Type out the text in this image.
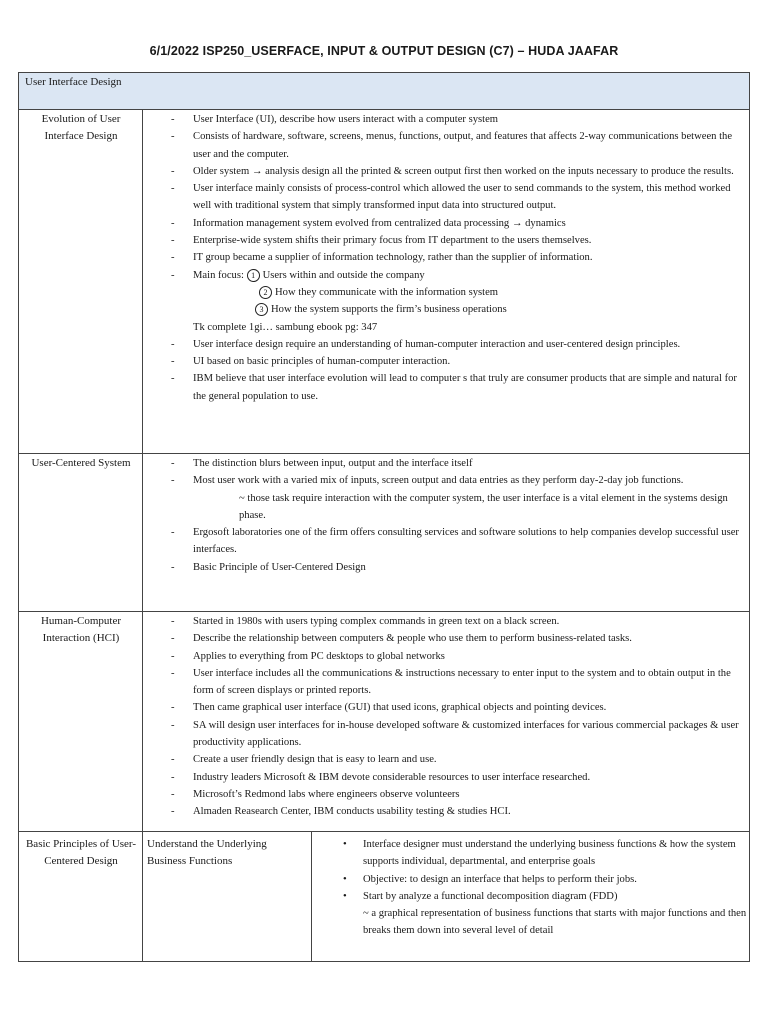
6/1/2022 ISP250_USERFACE, INPUT & OUTPUT DESIGN (C7) – HUDA JAAFAR
User Interface Design
Evolution of User Interface Design
- User Interface (UI), describe how users interact with a computer system
- Consists of hardware, software, screens, menus, functions, output, and features that affects 2-way communications between the user and the computer.
- Older system → analysis design all the printed & screen output first then worked on the inputs necessary to produce the results.
- User interface mainly consists of process-control which allowed the user to send commands to the system, this method worked well with traditional system that simply transformed input data into structured output.
- Information management system evolved from centralized data processing → dynamics
- Enterprise-wide system shifts their primary focus from IT department to the users themselves.
- IT group became a supplier of information technology, rather than the supplier of information.
- Main focus: 1 Users within and outside the company
2 How they communicate with the information system
3 How the system supports the firm’s business operations
Tk complete 1gi… sambung ebook pg: 347
- User interface design require an understanding of human-computer interaction and user-centered design principles.
- UI based on basic principles of human-computer interaction.
- IBM believe that user interface evolution will lead to computer s that truly are consumer products that are simple and natural for the general population to use.
User-Centered System
-	The distinction blurs between input, output and the interface itself
- Most user work with a varied mix of inputs, screen output and data entries as they perform day-2-day job functions.
~ those task require interaction with the computer system, the user interface is a vital element in the systems design phase.
- Ergosoft laboratories one of the firm offers consulting services and software solutions to help companies develop successful user interfaces.
- Basic Principle of User-Centered Design
Human-Computer Interaction (HCI)
- Started in 1980s with users typing complex commands in green text on a black screen.
- Describe the relationship between computers & people who use them to perform business-related tasks.
- Applies to everything from PC desktops to global networks
- User interface includes all the communications & instructions necessary to enter input to the system and to obtain output in the form of screen displays or printed reports.
- Then came graphical user interface (GUI) that used icons, graphical objects and pointing devices.
- SA will design user interfaces for in-house developed software & customized interfaces for various commercial packages & user productivity applications.
- Create a user friendly design that is easy to learn and use.
- Industry leaders Microsoft & IBM devote considerable resources to user interface researched.
- Microsoft’s Redmond labs where engineers observe volunteers
- Almaden Reasearch Center, IBM conducts usability testing & studies HCI.
Basic Principles of User-Centered Design
Understand the Underlying Business Functions
• Interface designer must understand the underlying business functions & how the system supports individual, departmental, and enterprise goals
• Objective: to design an interface that helps to perform their jobs.
• Start by analyze a functional decomposition diagram (FDD)
~ a graphical representation of business functions that starts with major functions and then breaks them down into several level of detail
